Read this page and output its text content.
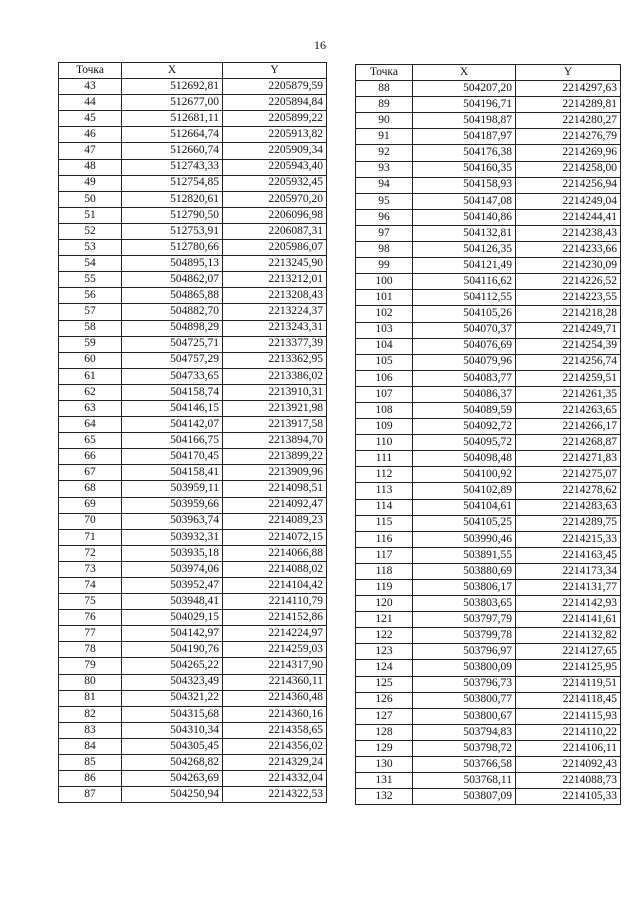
16
Точка	X	Y
43	512692,81	2205879,59
44	512677,00	2205894,84
45	512681,11	2205899,22
46	512664,74	2205913,82
47	512660,74	2205909,34
48	512743,33	2205943,40
49	512754,85	2205932,45
50	512820,61	2205970,20
51	512790,50	2206096,98
52	512753,91	2206087,31
53	512780,66	2205986,07
54	504895,13	2213245,90
55	504862,07	2213212,01
56	504865,88	2213208,43
57	504882,70	2213224,37
58	504898,29	2213243,31
59	504725,71	2213377,39
60	504757,29	2213362,95
61	504733,65	2213386,02
62	504158,74	2213910,31
63	504146,15	2213921,98
64	504142,07	2213917,58
65	504166,75	2213894,70
66	504170,45	2213899,22
67	504158,41	2213909,96
68	503959,11	2214098,51
69	503959,66	2214092,47
70	503963,74	2214089,23
71	503932,31	2214072,15
72	503935,18	2214066,88
73	503974,06	2214088,02
74	503952,47	2214104,42
75	503948,41	2214110,79
76	504029,15	2214152,86
77	504142,97	2214224,97
78	504190,76	2214259,03
79	504265,22	2214317,90
80	504323,49	2214360,11
81	504321,22	2214360,48
82	504315,68	2214360,16
83	504310,34	2214358,65
84	504305,45	2214356,02
85	504268,82	2214329,24
86	504263,69	2214332,04
87	504250,94	2214322,53
Точка	X	Y
88	504207,20	2214297,63
89	504196,71	2214289,81
90	504198,87	2214280,27
91	504187,97	2214276,79
92	504176,38	2214269,96
93	504160,35	2214258,00
94	504158,93	2214256,94
95	504147,08	2214249,04
96	504140,86	2214244,41
97	504132,81	2214238,43
98	504126,35	2214233,66
99	504121,49	2214230,09
100	504116,62	2214226,52
101	504112,55	2214223,55
102	504105,26	2214218,28
103	504070,37	2214249,71
104	504076,69	2214254,39
105	504079,96	2214256,74
106	504083,77	2214259,51
107	504086,37	2214261,35
108	504089,59	2214263,65
109	504092,72	2214266,17
110	504095,72	2214268,87
111	504098,48	2214271,83
112	504100,92	2214275,07
113	504102,89	2214278,62
114	504104,61	2214283,63
115	504105,25	2214289,75
116	503990,46	2214215,33
117	503891,55	2214163,45
118	503880,69	2214173,34
119	503806,17	2214131,77
120	503803,65	2214142,93
121	503797,79	2214141,61
122	503799,78	2214132,82
123	503796,97	2214127,65
124	503800,09	2214125,95
125	503796,73	2214119,51
126	503800,77	2214118,45
127	503800,67	2214115,93
128	503794,83	2214110,22
129	503798,72	2214106,11
130	503766,58	2214092,43
131	503768,11	2214088,73
132	503807,09	2214105,33
